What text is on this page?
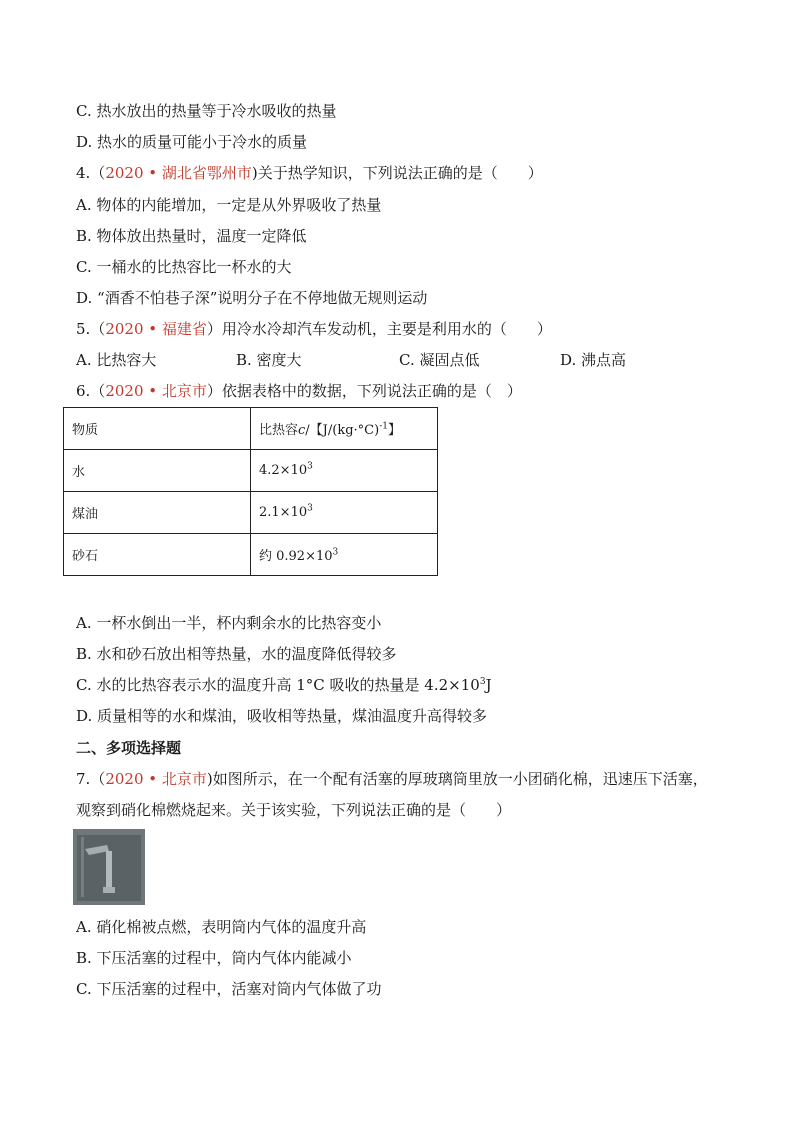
C. 热水放出的热量等于冷水吸收的热量
D. 热水的质量可能小于冷水的质量
4.（2020 • 湖北省鄂州市)关于热学知识，下列说法正确的是（　　）
A. 物体的内能增加，一定是从外界吸收了热量
B. 物体放出热量时，温度一定降低
C. 一桶水的比热容比一杯水的大
D. “酒香不怕巷子深”说明分子在不停地做无规则运动
5.（2020 • 福建省）用冷水冷却汽车发动机，主要是利用水的（　　）
A. 比热容大	B. 密度大	C. 凝固点低	D. 沸点高
6.（2020 • 北京市）依据表格中的数据，下列说法正确的是（　）
物质	比热容c/【$J/(kg\cdot^\circ C)^{-1}$】
水	$4.2\times 10^3$
煤油	$2.1\times 10^3$
砂石	约 $0.92\times 10^3$
A. 一杯水倒出一半，杯内剩余水的比热容变小
B. 水和砂石放出相等热量，水的温度降低得较多
C. 水的比热容表示水的温度升高 1°C 吸收的热量是 $4.2\times 10^3J$
D. 质量相等的水和煤油，吸收相等热量，煤油温度升高得较多
二、多项选择题
7.（2020 • 北京市)如图所示，在一个配有活塞的厚玻璃筒里放一小团硝化棉，迅速压下活塞，
观察到硝化棉燃烧起来。关于该实验，下列说法正确的是（　　）
A. 硝化棉被点燃，表明筒内气体的温度升高
B. 下压活塞的过程中，筒内气体内能减小
C. 下压活塞的过程中，活塞对筒内气体做了功
